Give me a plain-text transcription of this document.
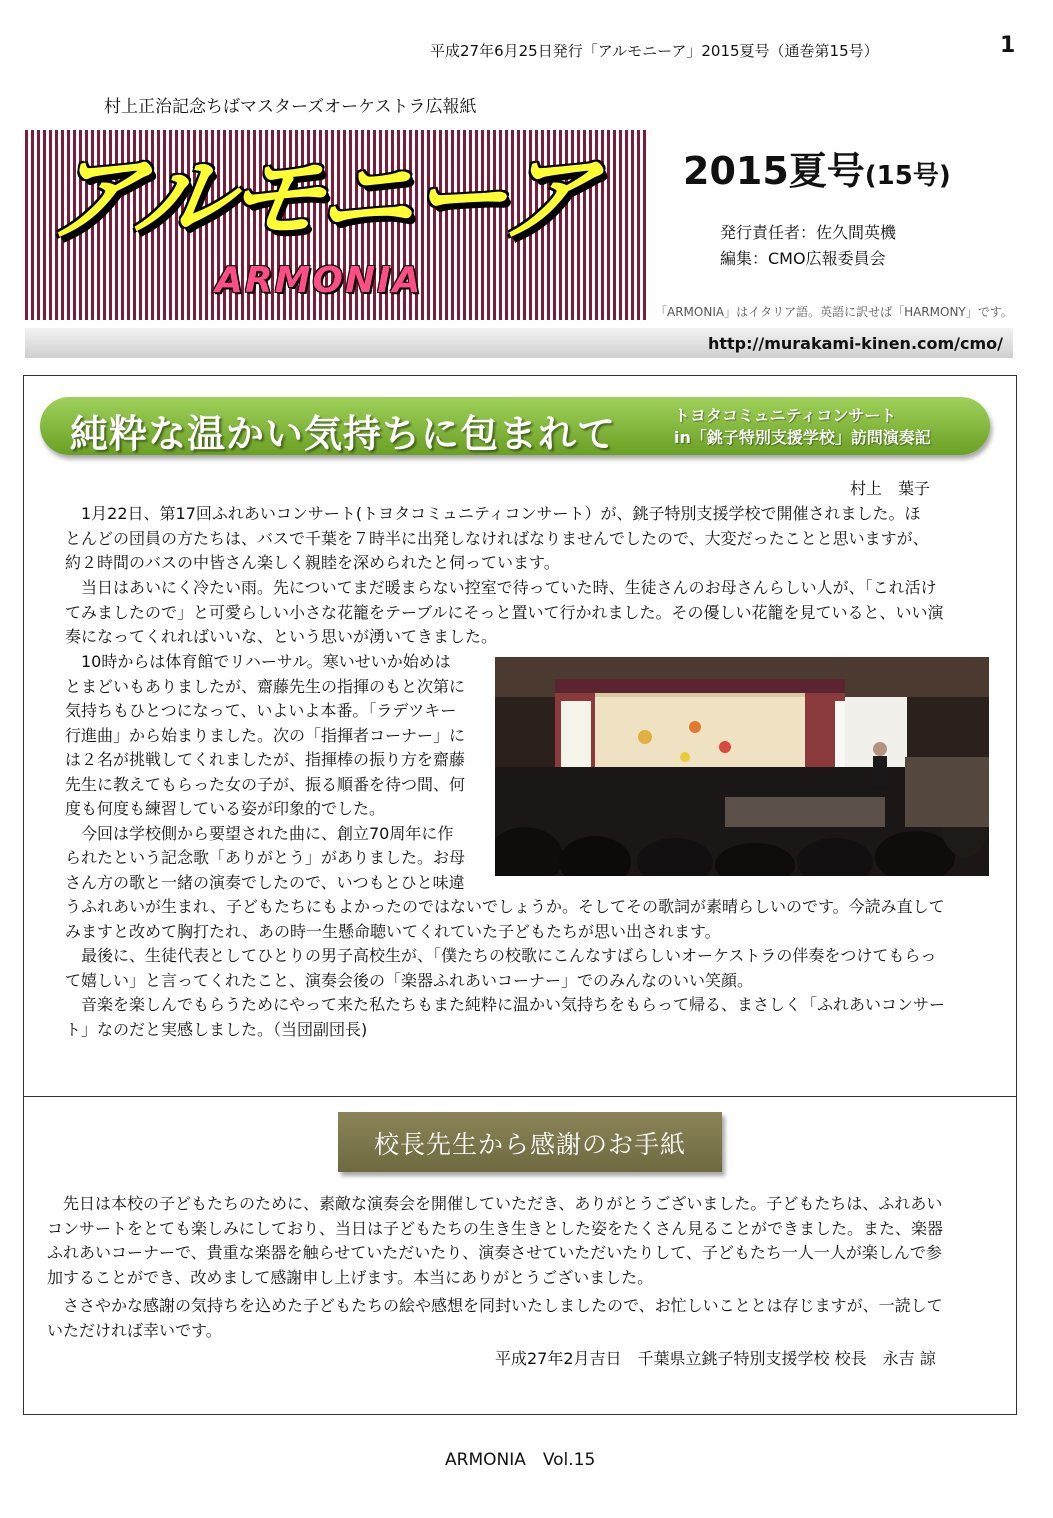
平成27年6月25日発行「アルモニーア」2015夏号（通巻第15号）	1
村上正治記念ちばマスターズオーケストラ広報紙
アルモニーア
ARMONIA
2015夏号(15号)
発行責任者：佐久間英機
編集：CMO広報委員会
「ARMONIA」はイタリア語。英語に訳せば「HARMONY」です。
http://murakami-kinen.com/cmo/
純粋な温かい気持ちに包まれて	トヨタコミュニティコンサート
in「銚子特別支援学校」訪問演奏記
村上　葉子
　1月22日、第17回ふれあいコンサート(トヨタコミュニティコンサート）が、銚子特別支援学校で開催されました。ほ
とんどの団員の方たちは、バスで千葉を７時半に出発しなければなりませんでしたので、大変だったことと思いますが、
約２時間のバスの中皆さん楽しく親睦を深められたと伺っています。
　当日はあいにく冷たい雨。先についてまだ暖まらない控室で待っていた時、生徒さんのお母さんらしい人が、「これ活け
てみましたので」と可愛らしい小さな花籠をテーブルにそっと置いて行かれました。その優しい花籠を見ていると、いい演
奏になってくれればいいな、という思いが湧いてきました。
　10時からは体育館でリハーサル。寒いせいか始めは
とまどいもありましたが、齋藤先生の指揮のもと次第に
気持ちもひとつになって、いよいよ本番。「ラデツキー
行進曲」から始まりました。次の「指揮者コーナー」に
は２名が挑戦してくれましたが、指揮棒の振り方を齋藤
先生に教えてもらった女の子が、振る順番を待つ間、何
度も何度も練習している姿が印象的でした。
　今回は学校側から要望された曲に、創立70周年に作
られたという記念歌「ありがとう」がありました。お母
さん方の歌と一緒の演奏でしたので、いつもとひと味違
うふれあいが生まれ、子どもたちにもよかったのではないでしょうか。そしてその歌詞が素晴らしいのです。今読み直して
みますと改めて胸打たれ、あの時一生懸命聴いてくれていた子どもたちが思い出されます。
　最後に、生徒代表としてひとりの男子高校生が、「僕たちの校歌にこんなすばらしいオーケストラの伴奏をつけてもらっ
て嬉しい」と言ってくれたこと、演奏会後の「楽器ふれあいコーナー」でのみんなのいい笑顔。
　音楽を楽しんでもらうためにやって来た私たちもまた純粋に温かい気持ちをもらって帰る、まさしく「ふれあいコンサー
ト」なのだと実感しました。（当団副団長)
校長先生から感謝のお手紙
　先日は本校の子どもたちのために、素敵な演奏会を開催していただき、ありがとうございました。子どもたちは、ふれあい
コンサートをとても楽しみにしており、当日は子どもたちの生き生きとした姿をたくさん見ることができました。また、楽器
ふれあいコーナーで、貴重な楽器を触らせていただいたり、演奏させていただいたりして、子どもたち一人一人が楽しんで参
加することができ、改めまして感謝申し上げます。本当にありがとうございました。
　ささやかな感謝の気持ちを込めた子どもたちの絵や感想を同封いたしましたので、お忙しいこととは存じますが、一読して
いただければ幸いです。
平成27年2月吉日　千葉県立銚子特別支援学校 校長　永吉 諒
ARMONIA　Vol.15
